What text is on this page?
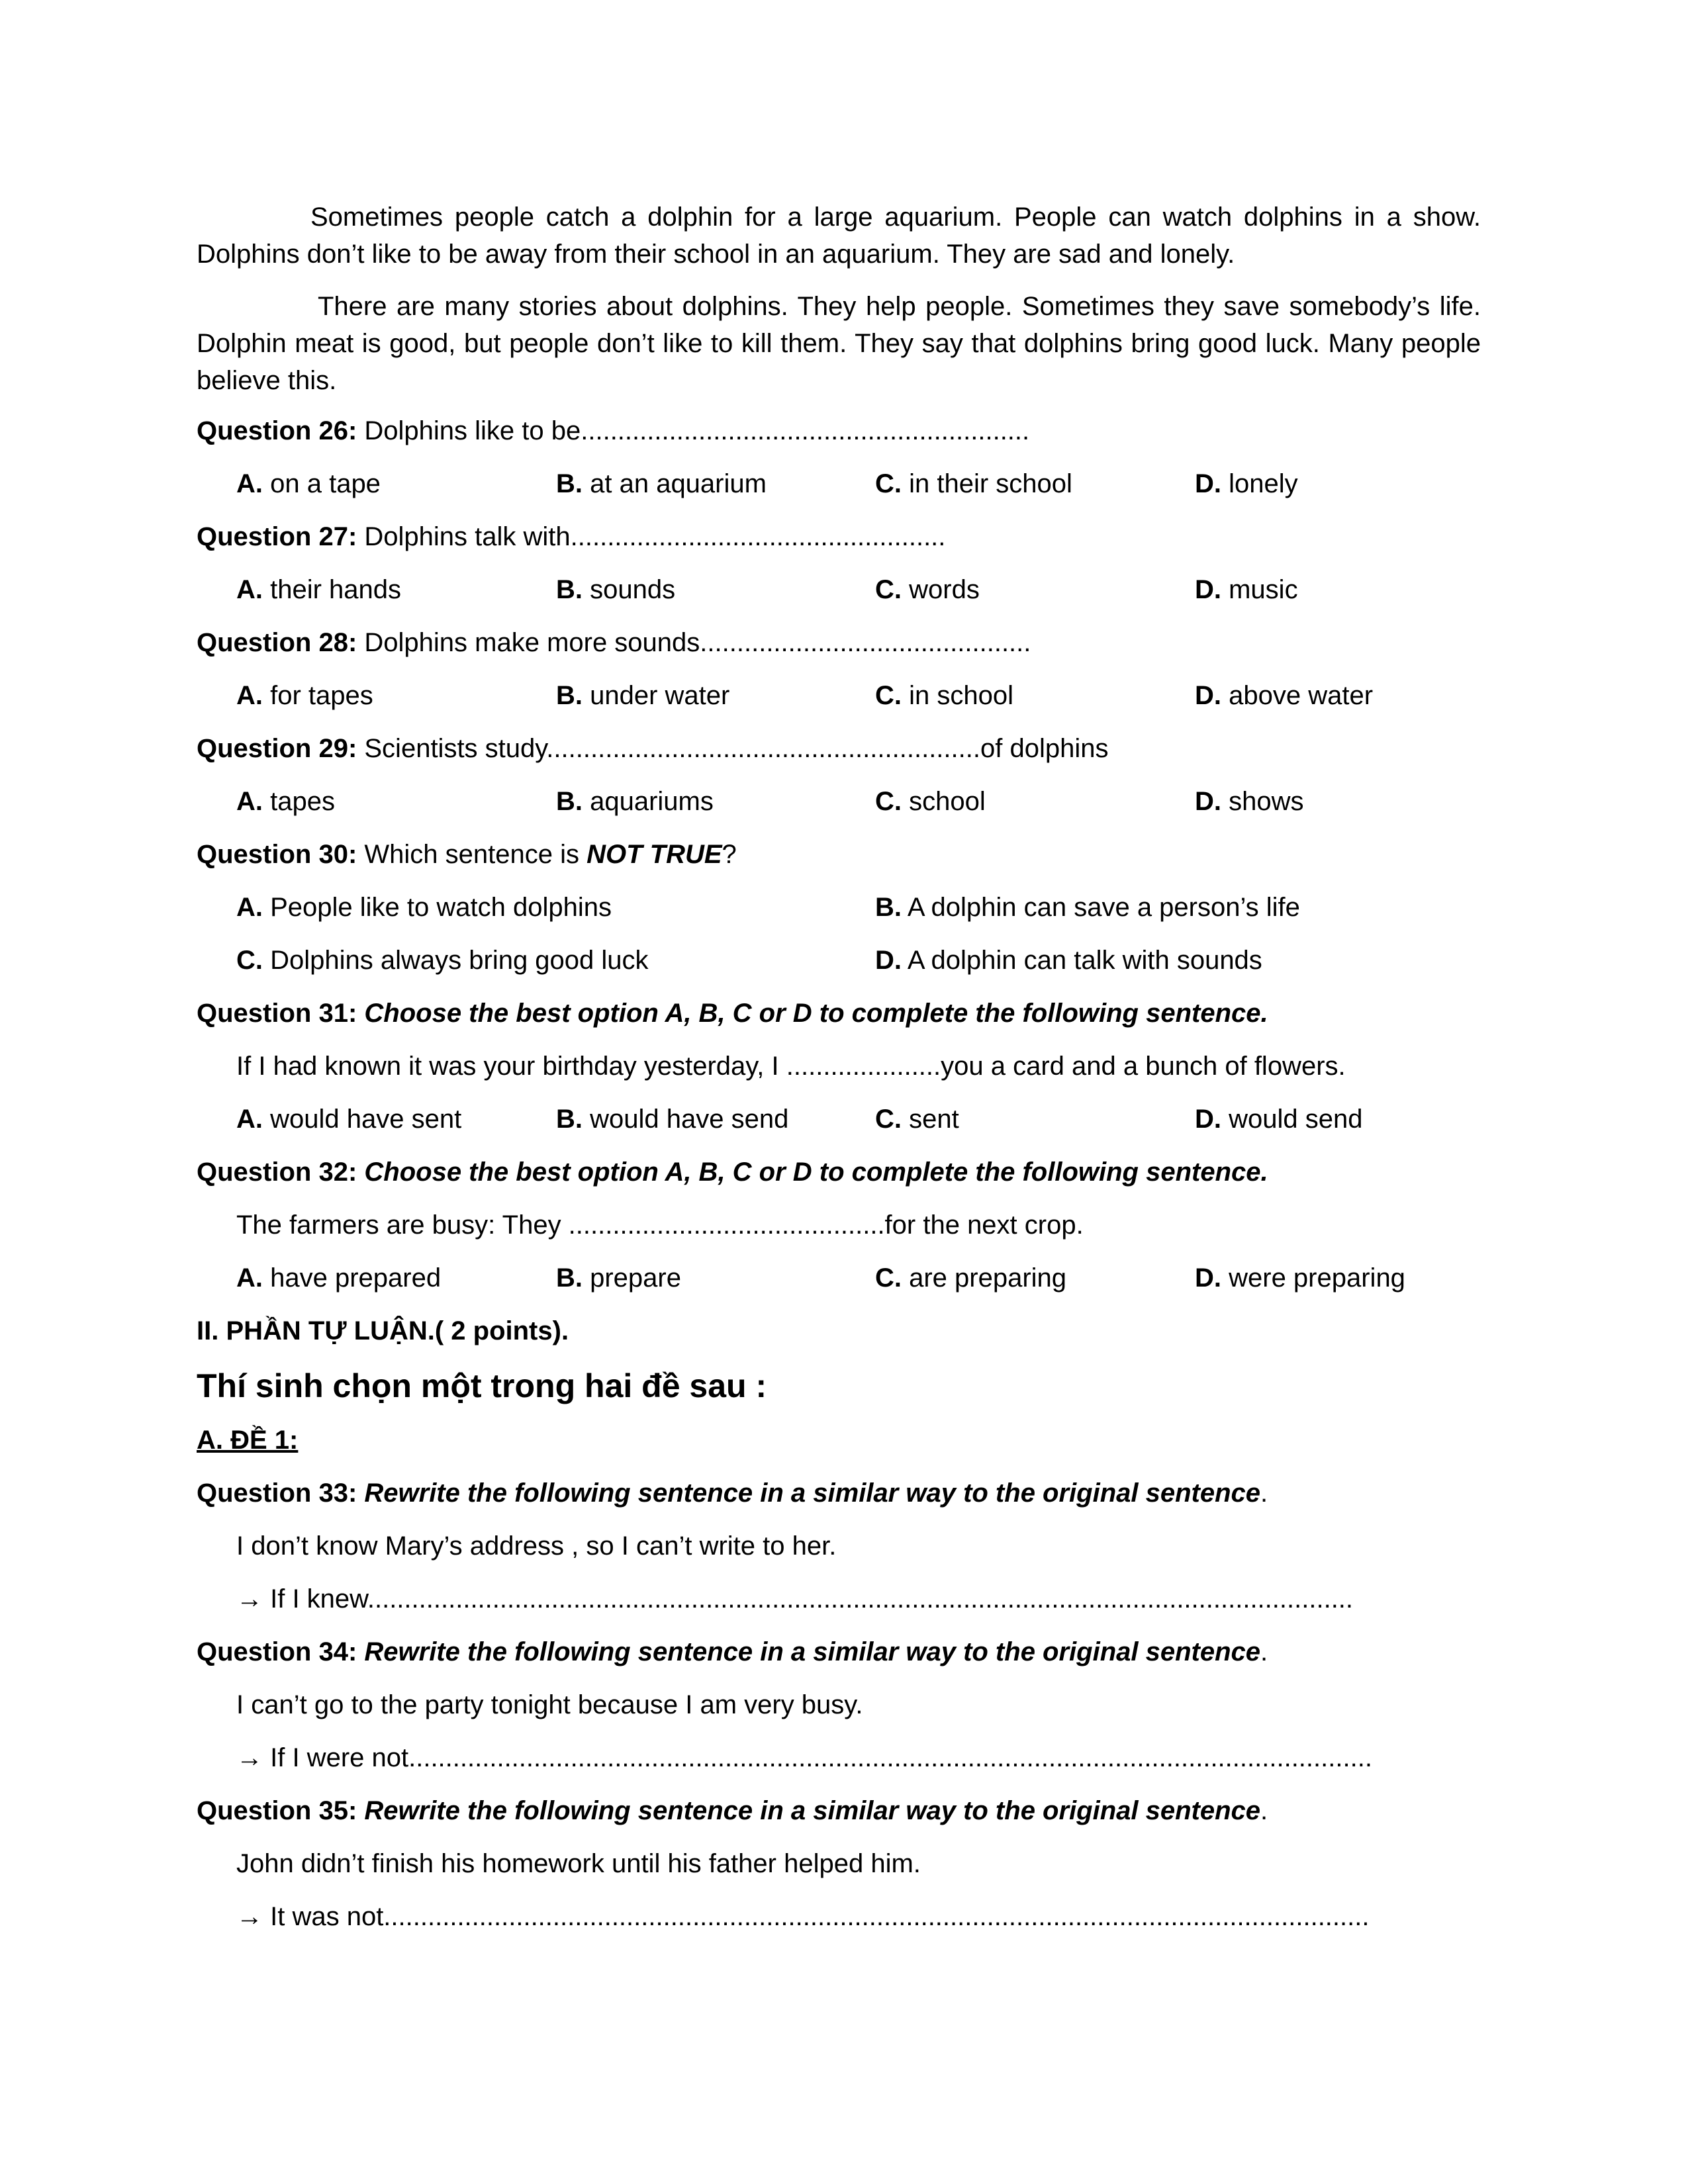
Sometimes people catch a dolphin for a large aquarium. People can watch dolphins in a show. Dolphins don’t like to be away from their school in an aquarium. They are sad and lonely.

There are many stories about dolphins. They help people. Sometimes they save somebody’s life. Dolphin meat is good, but people don’t like to kill them. They say that dolphins bring good luck. Many people believe this.

Question 26: Dolphins like to be.............................................................
A. on a tape	B. at an aquarium	C. in their school	D. lonely
Question 27: Dolphins talk with...................................................
A. their hands	B. sounds	C. words	D. music
Question 28: Dolphins make more sounds.............................................
A. for tapes	B. under water	C. in school	D. above water
Question 29: Scientists study...........................................................of dolphins
A. tapes	B. aquariums	C. school	D. shows
Question 30: Which sentence is NOT TRUE?
A. People like to watch dolphins	B. A dolphin can save a person’s life
C. Dolphins always bring good luck	D. A dolphin can talk with sounds
Question 31: Choose the best option A, B, C or D to complete the following sentence.
If I had known it was your birthday yesterday, I .....................you a card and a bunch of flowers.
A. would have sent	B. would have send	C. sent	D. would send
Question 32: Choose the best option A, B, C or D to complete the following sentence.
The farmers are busy: They ...........................................for the next crop.
A. have prepared	B. prepare	C. are preparing	D. were preparing
II. PHẦN TỰ LUẬN.( 2 points).
Thí sinh chọn một trong hai đề sau :
A. ĐỀ 1:
Question 33: Rewrite the following sentence in a similar way to the original sentence.
I don’t know Mary’s address , so I can’t write to her.
→ If I knew......................................................................................................................................
Question 34: Rewrite the following sentence in a similar way to the original sentence.
I can’t go to the party tonight because I am very busy.
→ If I were not...................................................................................................................................
Question 35: Rewrite the following sentence in a similar way to the original sentence.
John didn’t finish his homework until his father helped him.
→ It was not......................................................................................................................................
